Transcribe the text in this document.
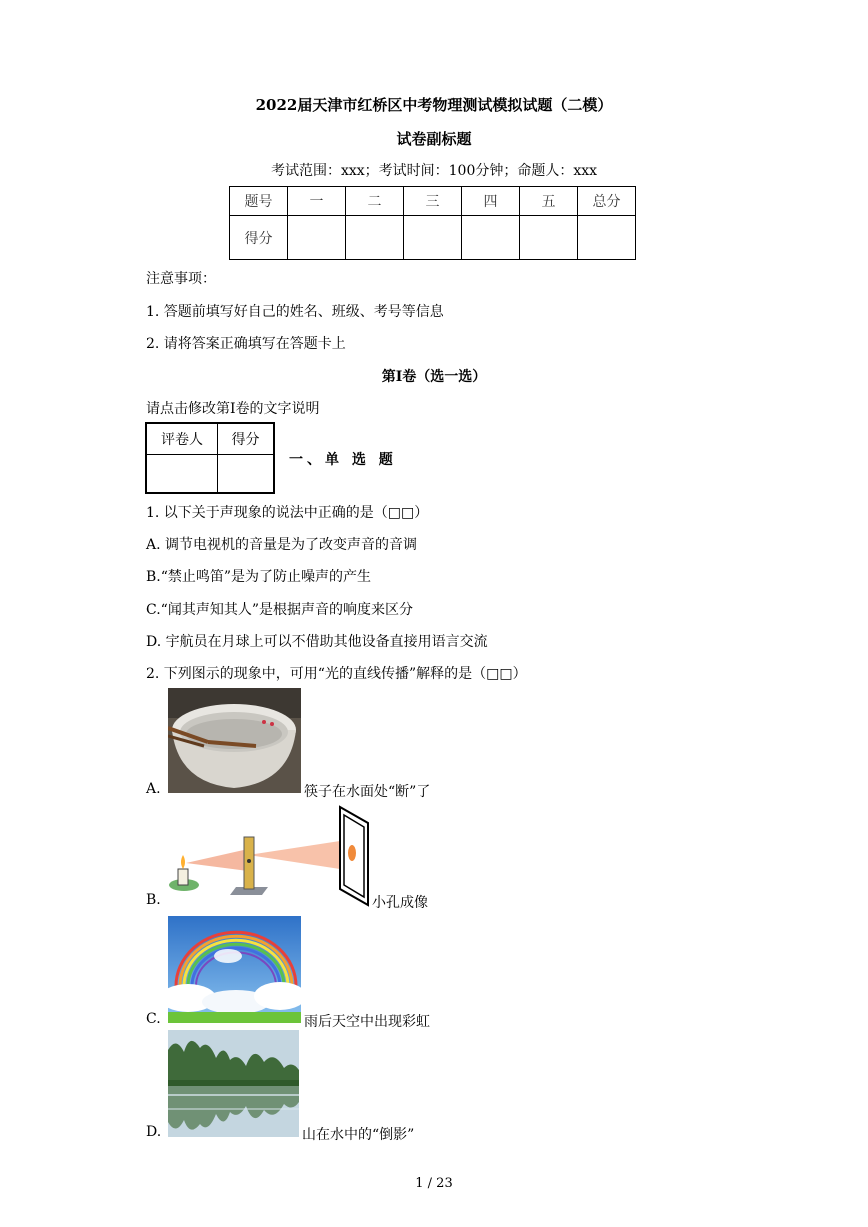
2022届天津市红桥区中考物理测试模拟试题（二模）
试卷副标题
考试范围：xxx；考试时间：100分钟；命题人：xxx
题号	一	二	三	四	五	总分
得分						
注意事项：
1. 答题前填写好自己的姓名、班级、考号等信息
2. 请将答案正确填写在答题卡上
第I卷（选一选）
请点击修改第I卷的文字说明
评卷人	得分

一、单 选 题
1. 以下关于声现象的说法中正确的是（□□）
A. 调节电视机的音量是为了改变声音的音调
B.“禁止鸣笛”是为了防止噪声的产生
C.“闻其声知其人”是根据声音的响度来区分
D. 宇航员在月球上可以不借助其他设备直接用语言交流
2. 下列图示的现象中，可用“光的直线传播”解释的是（□□）
A.	筷子在水面处“断”了
B.	小孔成像
C.	雨后天空中出现彩虹
D.	山在水中的“倒影”
1 / 23
